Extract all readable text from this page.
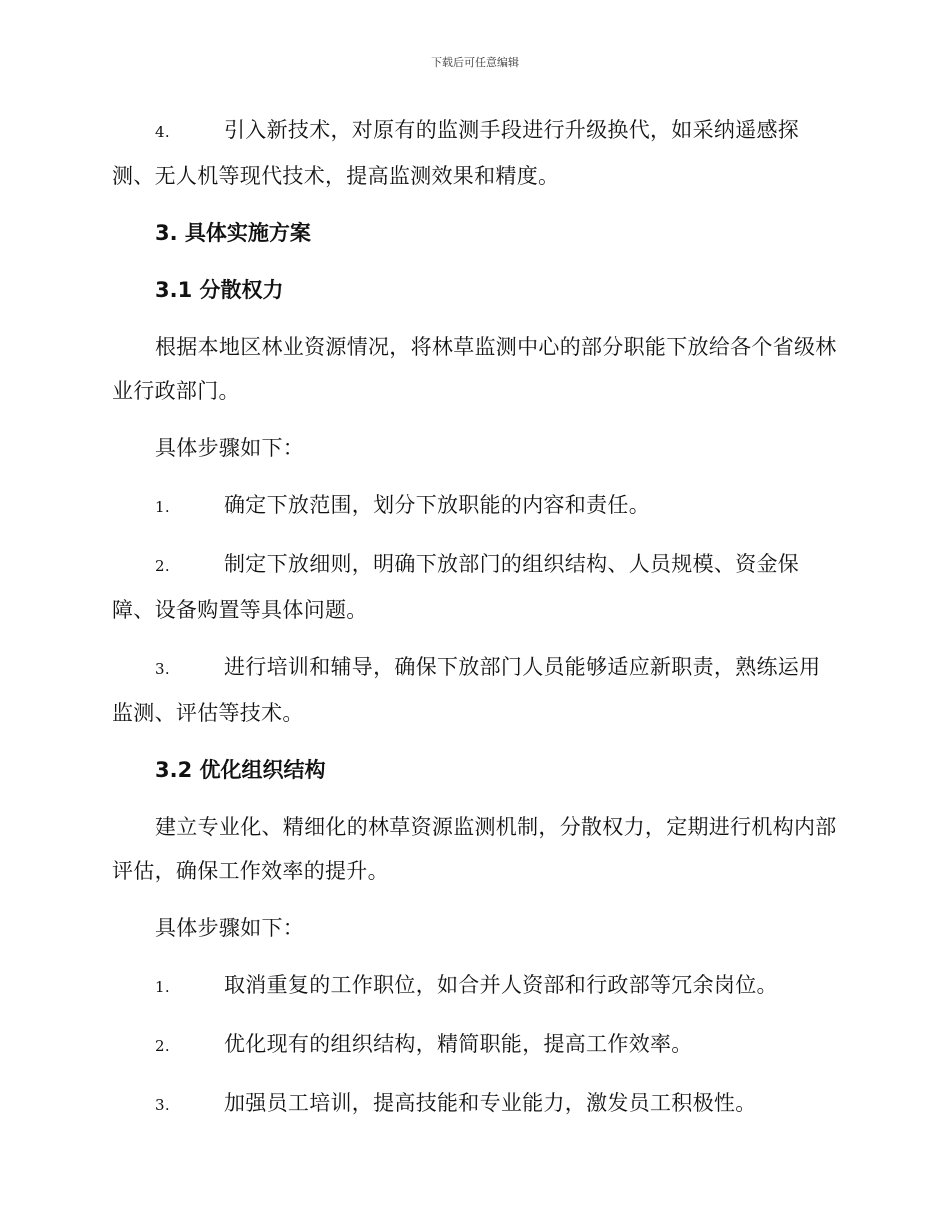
下载后可任意编辑
4.	引入新技术，对原有的监测手段进行升级换代，如采纳遥感探
测、无人机等现代技术，提高监测效果和精度。
3. 具体实施方案
3.1 分散权力

根据本地区林业资源情况，将林草监测中心的部分职能下放给各个省级林业行政部门。

具体步骤如下：

1.	确定下放范围，划分下放职能的内容和责任。
2.	制定下放细则，明确下放部门的组织结构、人员规模、资金保
障、设备购置等具体问题。
3.	进行培训和辅导，确保下放部门人员能够适应新职责，熟练运用
监测、评估等技术。
3.2 优化组织结构

建立专业化、精细化的林草资源监测机制，分散权力，定期进行机构内部评估，确保工作效率的提升。

具体步骤如下：

1.	取消重复的工作职位，如合并人资部和行政部等冗余岗位。
2.	优化现有的组织结构，精简职能，提高工作效率。
3.	加强员工培训，提高技能和专业能力，激发员工积极性。
